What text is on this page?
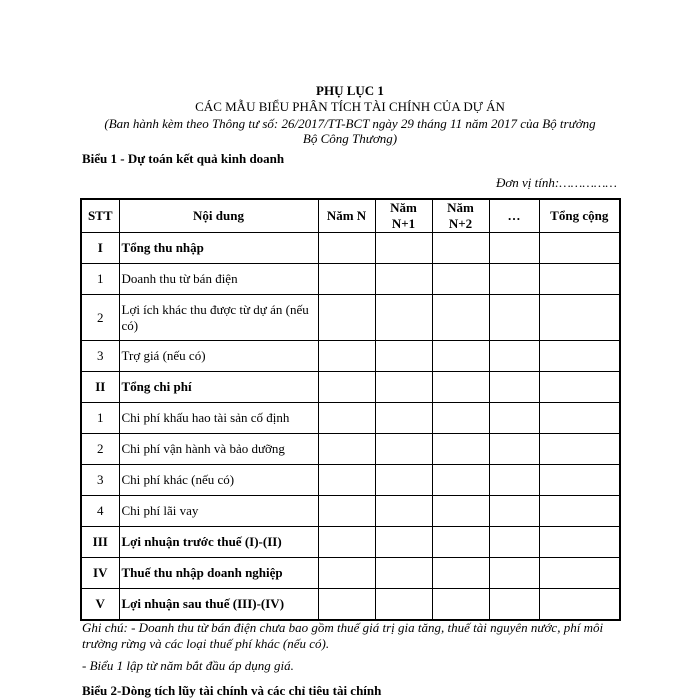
PHỤ LỤC 1
CÁC MẪU BIỂU PHÂN TÍCH TÀI CHÍNH CỦA DỰ ÁN
(Ban hành kèm theo Thông tư số: 26/2017/TT-BCT ngày 29 tháng 11 năm 2017 của Bộ trưởng
Bộ Công Thương)
Biểu 1 - Dự toán kết quả kinh doanh
Đơn vị tính:……………
STT	Nội dung	Năm N	Năm N+1	Năm N+2	…	Tổng cộng
I	Tổng thu nhập					
1	Doanh thu từ bán điện					
2	Lợi ích khác thu được từ dự án (nếu có)					
3	Trợ giá (nếu có)					
II	Tổng chi phí					
1	Chi phí khấu hao tài sản cố định					
2	Chi phí vận hành và bảo dưỡng					
3	Chi phí khác (nếu có)					
4	Chi phí lãi vay					
III	Lợi nhuận trước thuế (I)-(II)					
IV	Thuế thu nhập doanh nghiệp					
V	Lợi nhuận sau thuế (III)-(IV)					
Ghi chú: - Doanh thu từ bán điện chưa bao gồm thuế giá trị gia tăng, thuế tài nguyên nước, phí môi trường rừng và các loại thuế phí khác (nếu có).
- Biểu 1 lập từ năm bắt đầu áp dụng giá.
Biểu 2-Dòng tích lũy tài chính và các chỉ tiêu tài chính
